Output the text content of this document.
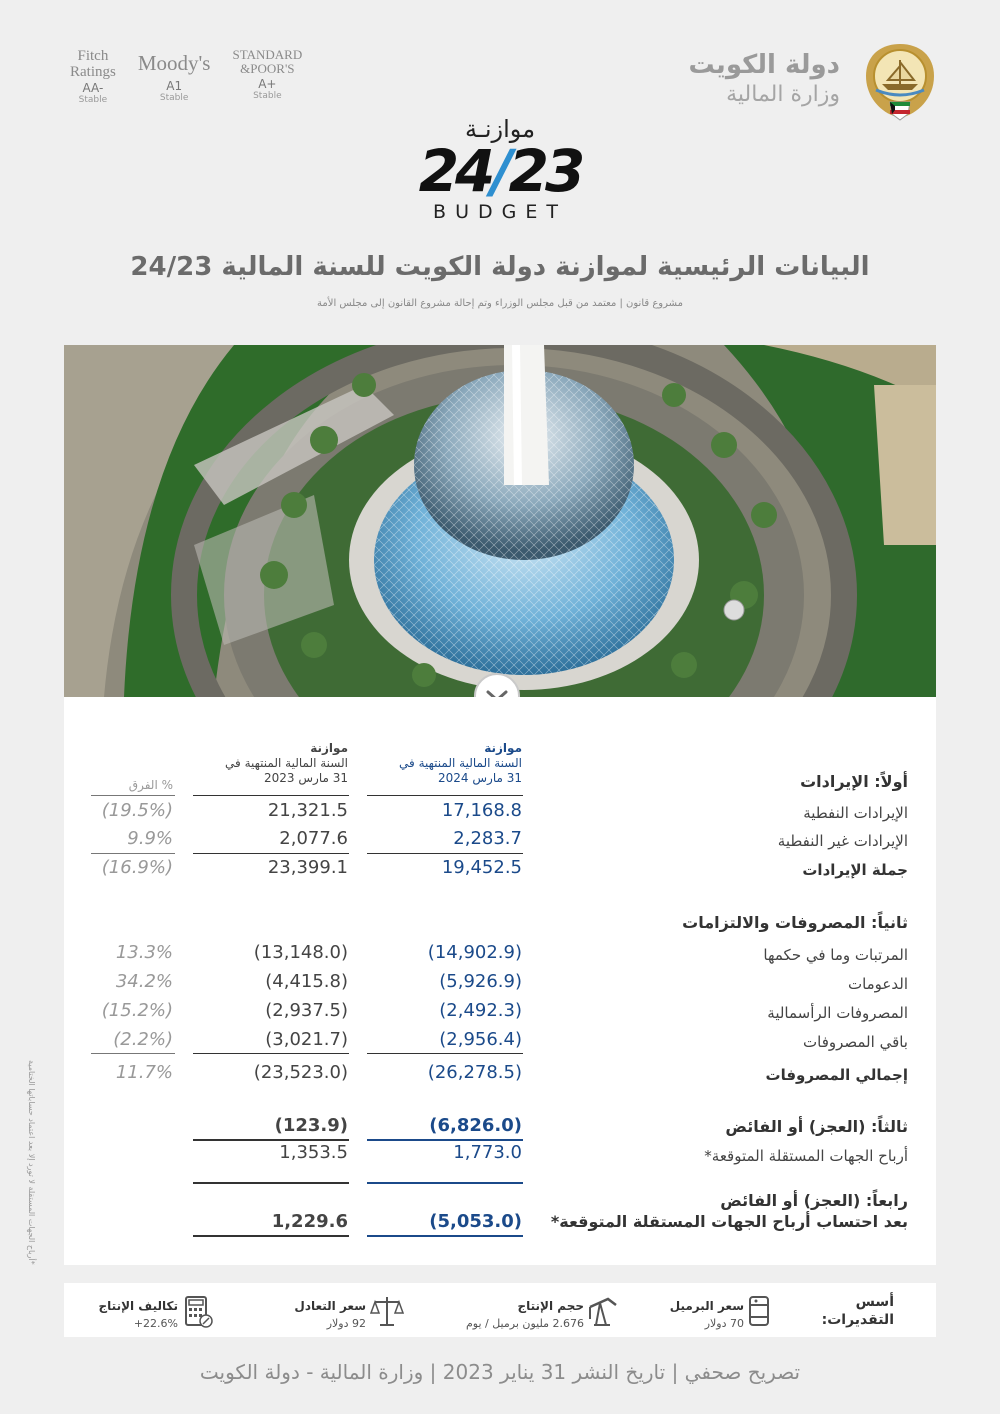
Fitch
Ratings
AA-
Stable
Moody's
A1
Stable
STANDARD
&POOR'S
A+
Stable
دولة الكويت
وزارة المالية
موازنـة
24/23
BUDGET
البيانات الرئيسية لموازنة دولة الكويت للسنة المالية 24/23
مشروع قانون | معتمد من قبل مجلس الوزراء وتم إحالة مشروع القانون إلى مجلس الأمة
موازنة
السنة المالية المنتهية في
31 مارس 2024
موازنة
السنة المالية المنتهية في
31 مارس 2023
% الفرق	أولاً: الإيرادات
الإيرادات النفطية
17,168.8
21,321.5
(19.5%)
الإيرادات غير النفطية
2,283.7
2,077.6
9.9%
جملة الإيرادات
19,452.5
23,399.1
(16.9%)
ثانياً: المصروفات والالتزامات
المرتبات وما في حكمها
(14,902.9)
(13,148.0)
13.3%
الدعومات
(5,926.9)
(4,415.8)
34.2%
المصروفات الرأسمالية
(2,492.3)
(2,937.5)
(15.2%)
باقي المصروفات
(2,956.4)
(3,021.7)
(2.2%)
إجمالي المصروفات
(26,278.5)
(23,523.0)
11.7%
ثالثاً: (العجز) أو الفائض
(6,826.0)
(123.9)
أرباح الجهات المستقلة المتوقعة*
1,773.0
1,353.5
رابعاً: (العجز) أو الفائض
بعد احتساب أرباح الجهات المستقلة المتوقعة*
(5,053.0)
1,229.6
*أرباح الجهات المستقلة لا تورد إلا بعد اعتماد حساباتها الختامية
أسس
التقديرات:
سعر البرميل
70 دولار
حجم الإنتاج
2.676 مليون برميل / يوم
سعر التعادل
92 دولار
تكاليف الإنتاج
+22.6%
تصريح صحفي | تاريخ النشر 31 يناير 2023 | وزارة المالية - دولة الكويت
